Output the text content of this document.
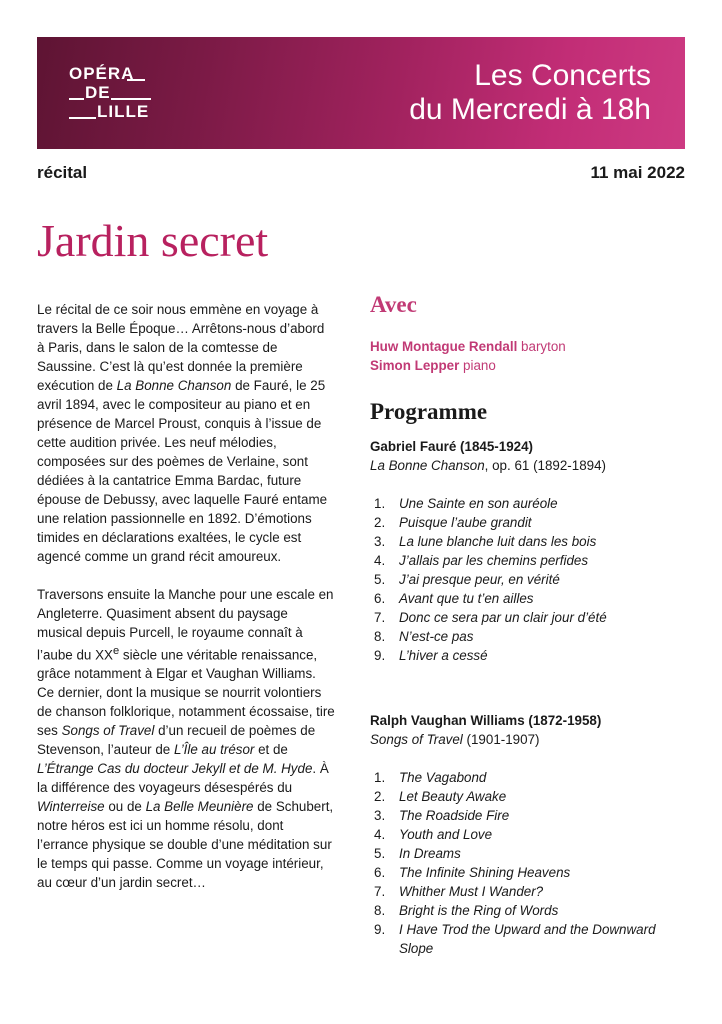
OPÉRA
DE
LILLE
Les Concerts
du Mercredi à 18h
récital	11 mai 2022
Jardin secret

Le récital de ce soir nous emmène en voyage à travers la Belle Époque… Arrêtons-nous d’abord à Paris, dans le salon de la comtesse de Saussine. C’est là qu’est donnée la première exécution de La Bonne Chanson de Fauré, le 25 avril 1894, avec le compositeur au piano et en présence de Marcel Proust, conquis à l’issue de cette audition privée. Les neuf mélodies, composées sur des poèmes de Verlaine, sont dédiées à la cantatrice Emma Bardac, future épouse de Debussy, avec laquelle Fauré entame une relation passionnelle en 1892. D’émotions timides en déclarations exaltées, le cycle est agencé comme un grand récit amoureux.

Traversons ensuite la Manche pour une escale en Angleterre. Quasiment absent du paysage musical depuis Purcell, le royaume connaît à l’aube du XXe siècle une véritable renaissance, grâce notamment à Elgar et Vaughan Williams. Ce dernier, dont la musique se nourrit volontiers de chanson folklorique, notamment écossaise, tire ses Songs of Travel d’un recueil de poèmes de Stevenson, l’auteur de L’Île au trésor et de L’Étrange Cas du docteur Jekyll et de M. Hyde. À la différence des voyageurs désespérés du Winterreise ou de La Belle Meunière de Schubert, notre héros est ici un homme résolu, dont l’errance physique se double d’une méditation sur le temps qui passe. Comme un voyage intérieur, au cœur d’un jardin secret…

Avec
Huw Montague Rendall baryton
Simon Lepper piano
Programme
Gabriel Fauré (1845-1924)
La Bonne Chanson, op. 61 (1892-1894)
1.	Une Sainte en son auréole
2.	Puisque l’aube grandit
3.	La lune blanche luit dans les bois
4.	J’allais par les chemins perfides
5.	J’ai presque peur, en vérité
6.	Avant que tu t’en ailles
7.	Donc ce sera par un clair jour d’été
8.	N’est-ce pas
9.	L’hiver a cessé
Ralph Vaughan Williams (1872-1958)
Songs of Travel (1901-1907)
1.	The Vagabond
2.	Let Beauty Awake
3.	The Roadside Fire
4.	Youth and Love
5.	In Dreams
6.	The Infinite Shining Heavens
7.	Whither Must I Wander?
8.	Bright is the Ring of Words
9.	I Have Trod the Upward and the Downward Slope
